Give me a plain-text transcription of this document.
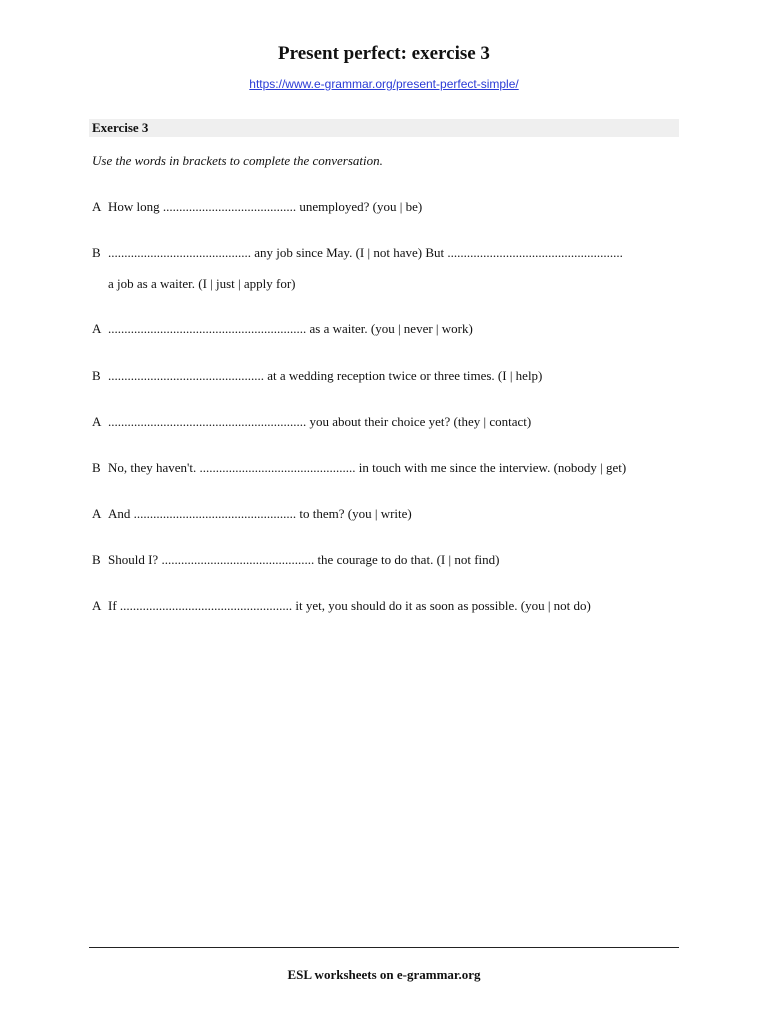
Present perfect: exercise 3
https://www.e-grammar.org/present-perfect-simple/
Exercise 3
Use the words in brackets to complete the conversation.
A How long ......................................... unemployed? (you | be)
B ............................................ any job since May. (I | not have) But ......................................................
a job as a waiter. (I | just | apply for)
A ............................................................. as a waiter. (you | never | work)
B ................................................ at a wedding reception twice or three times. (I | help)
A ............................................................. you about their choice yet? (they | contact)
B No, they haven't. ................................................ in touch with me since the interview. (nobody | get)
A And .................................................. to them? (you | write)
B Should I? ............................................... the courage to do that. (I | not find)
A If ..................................................... it yet, you should do it as soon as possible. (you | not do)
ESL worksheets on e-grammar.org
